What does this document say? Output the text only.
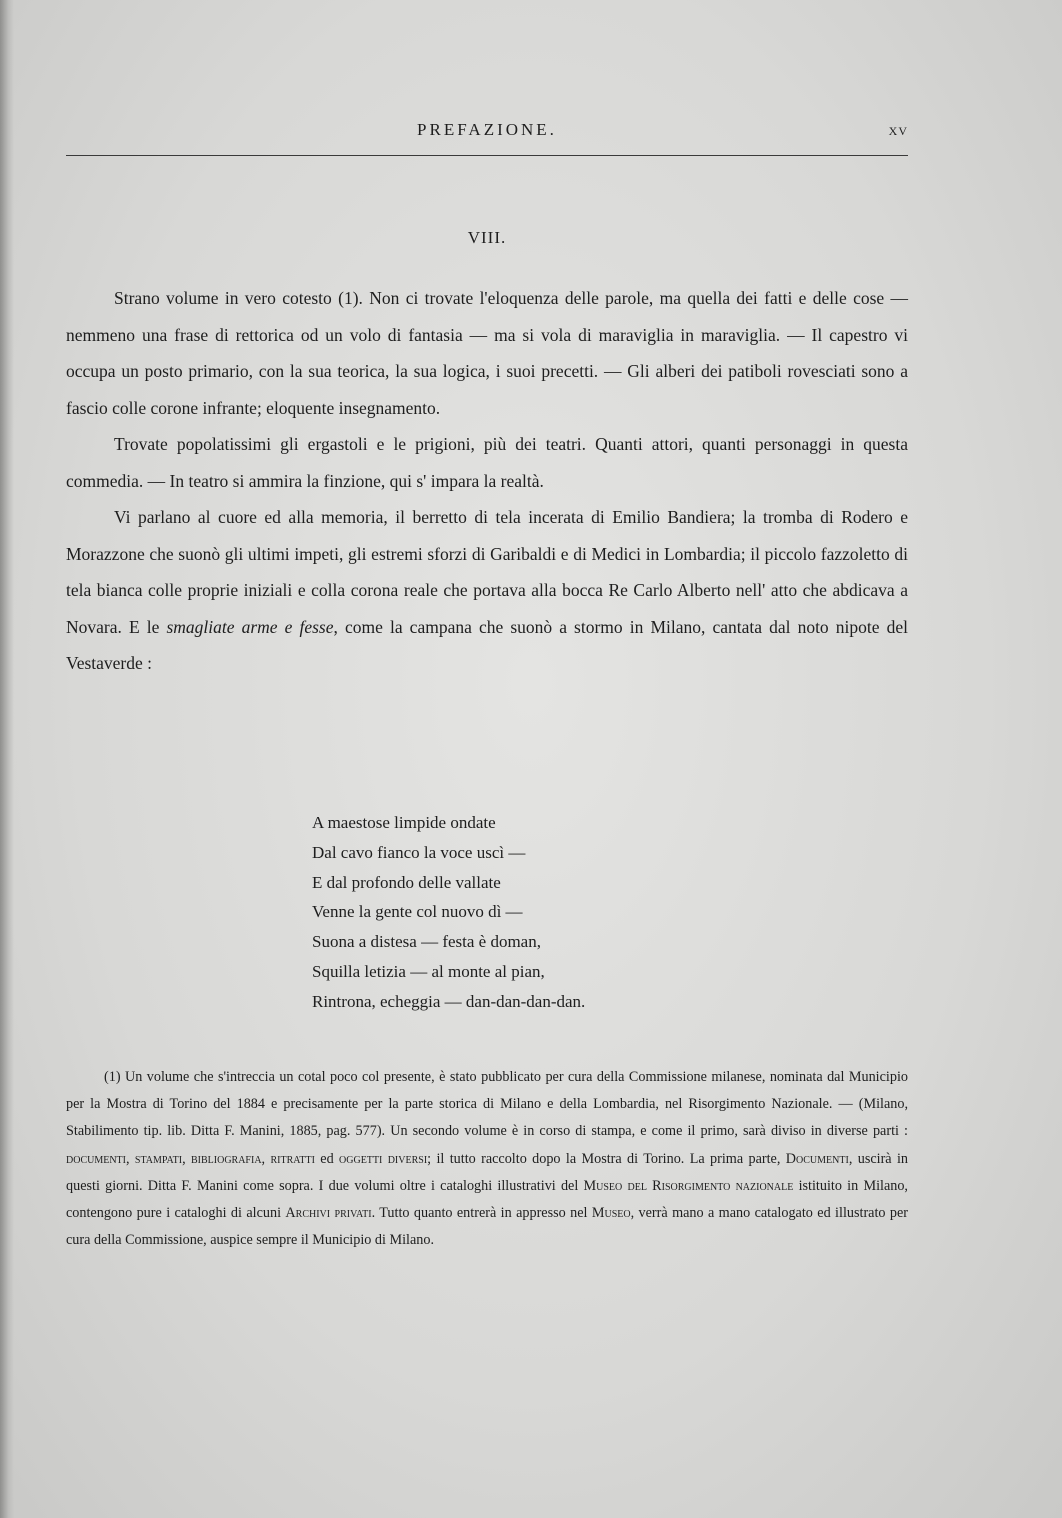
PREFAZIONE.	XV
VIII.

Strano volume in vero cotesto (1). Non ci trovate l'eloquenza delle parole, ma quella dei fatti e delle cose — nemmeno una frase di rettorica od un volo di fantasia — ma si vola di maraviglia in maraviglia. — Il capestro vi occupa un posto primario, con la sua teorica, la sua logica, i suoi precetti. — Gli alberi dei patiboli rovesciati sono a fascio colle corone infrante; eloquente insegnamento.

Trovate popolatissimi gli ergastoli e le prigioni, più dei teatri. Quanti attori, quanti personaggi in questa commedia. — In teatro si ammira la finzione, qui s' impara la realtà.

Vi parlano al cuore ed alla memoria, il berretto di tela incerata di Emilio Bandiera; la tromba di Rodero e Morazzone che suonò gli ultimi impeti, gli estremi sforzi di Garibaldi e di Medici in Lombardia; il piccolo fazzoletto di tela bianca colle proprie iniziali e colla corona reale che portava alla bocca Re Carlo Alberto nell' atto che abdicava a Novara. E le smagliate arme e fesse, come la campana che suonò a stormo in Milano, cantata dal noto nipote del Vestaverde :

A maestose limpide ondate
Dal cavo fianco la voce uscì —
E dal profondo delle vallate
Venne la gente col nuovo dì —
Suona a distesa — festa è doman,
Squilla letizia — al monte al pian,
Rintrona, echeggia — dan-dan-dan-dan.

(1) Un volume che s'intreccia un cotal poco col presente, è stato pubblicato per cura della Commissione milanese, nominata dal Municipio per la Mostra di Torino del 1884 e precisamente per la parte storica di Milano e della Lombardia, nel Risorgimento Nazionale. — (Milano, Stabilimento tip. lib. Ditta F. Manini, 1885, pag. 577). Un secondo volume è in corso di stampa, e come il primo, sarà diviso in diverse parti : documenti, stampati, bibliografia, ritratti ed oggetti diversi; il tutto raccolto dopo la Mostra di Torino. La prima parte, Documenti, uscirà in questi giorni. Ditta F. Manini come sopra. I due volumi oltre i cataloghi illustrativi del Museo del Risorgimento nazionale istituito in Milano, contengono pure i cataloghi di alcuni Archivi privati. Tutto quanto entrerà in appresso nel Museo, verrà mano a mano catalogato ed illustrato per cura della Commissione, auspice sempre il Municipio di Milano.
